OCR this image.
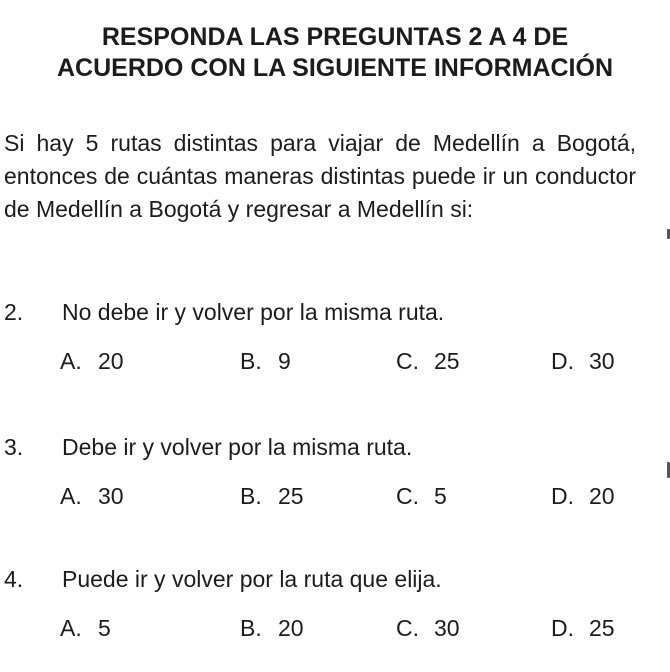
RESPONDA LAS PREGUNTAS 2 A 4 DE
ACUERDO CON LA SIGUIENTE INFORMACIÓN
Si hay 5 rutas distintas para viajar de Medellín a Bogotá, entonces de cuántas maneras distintas puede ir un conductor de Medellín a Bogotá y regresar a Medellín si:
2. No debe ir y volver por la misma ruta.
A. 20	B. 9	C. 25	D. 30
3. Debe ir y volver por la misma ruta.
A. 30	B. 25	C. 5	D. 20
4. Puede ir y volver por la ruta que elija.
A. 5	B. 20	C. 30	D. 25
